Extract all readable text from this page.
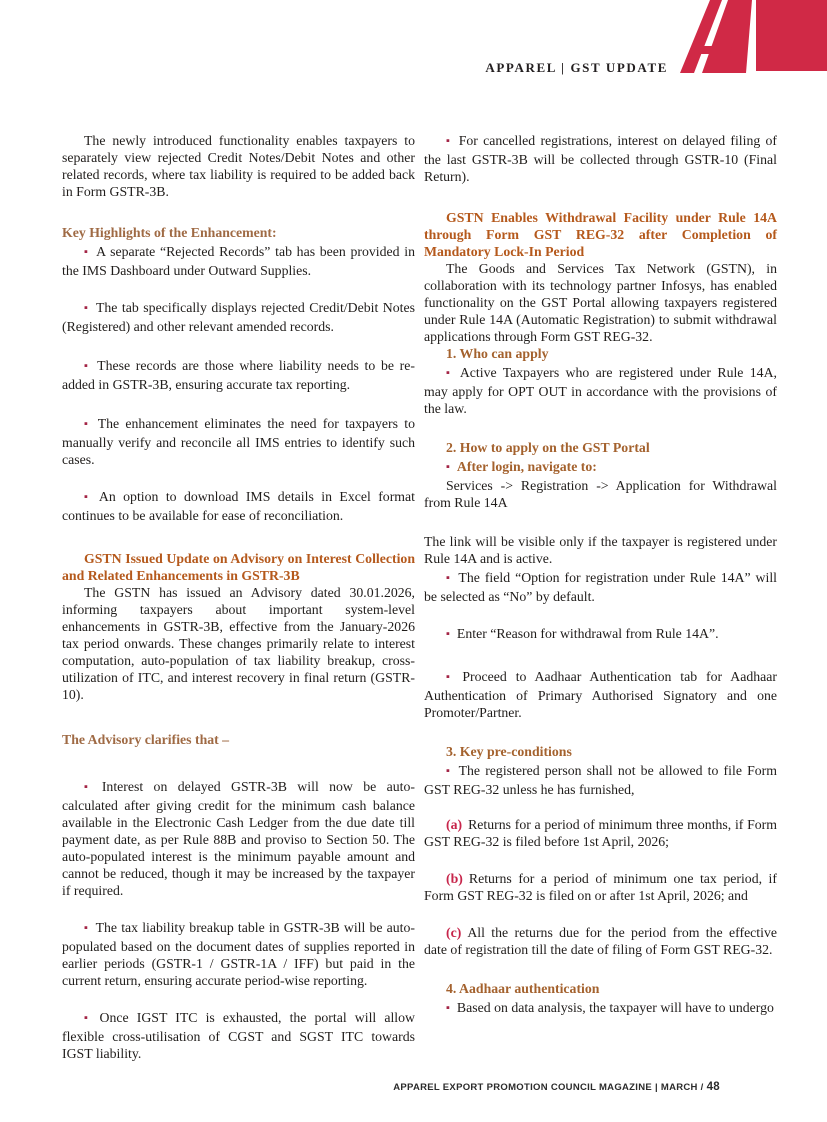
APPAREL | GST UPDATE

The newly introduced functionality enables taxpayers to separately view rejected Credit Notes/Debit Notes and other related records, where tax liability is required to be added back in Form GSTR-3B.

Key Highlights of the Enhancement:

▪ A separate “Rejected Records” tab has been provided in the IMS Dashboard under Outward Supplies.

▪ The tab specifically displays rejected Credit/Debit Notes (Registered) and other relevant amended records.

▪ These records are those where liability needs to be re-added in GSTR-3B, ensuring accurate tax reporting.

▪ The enhancement eliminates the need for taxpayers to manually verify and reconcile all IMS entries to identify such cases.

▪ An option to download IMS details in Excel format continues to be available for ease of reconciliation.

GSTN Issued Update on Advisory on Interest Collection and Related Enhancements in GSTR-3B

The GSTN has issued an Advisory dated 30.01.2026, informing taxpayers about important system-level enhancements in GSTR-3B, effective from the January-2026 tax period onwards. These changes primarily relate to interest computation, auto-population of tax liability breakup, cross-utilization of ITC, and interest recovery in final return (GSTR-10).

The Advisory clarifies that –

▪ Interest on delayed GSTR-3B will now be auto-calculated after giving credit for the minimum cash balance available in the Electronic Cash Ledger from the due date till payment date, as per Rule 88B and proviso to Section 50. The auto-populated interest is the minimum payable amount and cannot be reduced, though it may be increased by the taxpayer if required.

▪ The tax liability breakup table in GSTR-3B will be auto-populated based on the document dates of supplies reported in earlier periods (GSTR-1 / GSTR-1A / IFF) but paid in the current return, ensuring accurate period-wise reporting.

▪ Once IGST ITC is exhausted, the portal will allow flexible cross-utilisation of CGST and SGST ITC towards IGST liability.

▪ For cancelled registrations, interest on delayed filing of the last GSTR-3B will be collected through GSTR-10 (Final Return).

GSTN Enables Withdrawal Facility under Rule 14A through Form GST REG-32 after Completion of Mandatory Lock-In Period

The Goods and Services Tax Network (GSTN), in collaboration with its technology partner Infosys, has enabled functionality on the GST Portal allowing taxpayers registered under Rule 14A (Automatic Registration) to submit withdrawal applications through Form GST REG-32.

1. Who can apply

▪ Active Taxpayers who are registered under Rule 14A, may apply for OPT OUT in accordance with the provisions of the law.

2. How to apply on the GST Portal

▪ After login, navigate to:

Services -> Registration -> Application for Withdrawal from Rule 14A

The link will be visible only if the taxpayer is registered under Rule 14A and is active.

▪ The field “Option for registration under Rule 14A” will be selected as “No” by default.

▪ Enter “Reason for withdrawal from Rule 14A”.

▪ Proceed to Aadhaar Authentication tab for Aadhaar Authentication of Primary Authorised Signatory and one Promoter/Partner.

3. Key pre-conditions

▪ The registered person shall not be allowed to file Form GST REG-32 unless he has furnished,

(a) Returns for a period of minimum three months, if Form GST REG-32 is filed before 1st April, 2026;

(b) Returns for a period of minimum one tax period, if Form GST REG-32 is filed on or after 1st April, 2026; and

(c) All the returns due for the period from the effective date of registration till the date of filing of Form GST REG-32.

4. Aadhaar authentication

▪ Based on data analysis, the taxpayer will have to undergo

APPAREL EXPORT PROMOTION COUNCIL MAGAZINE | MARCH / 48
